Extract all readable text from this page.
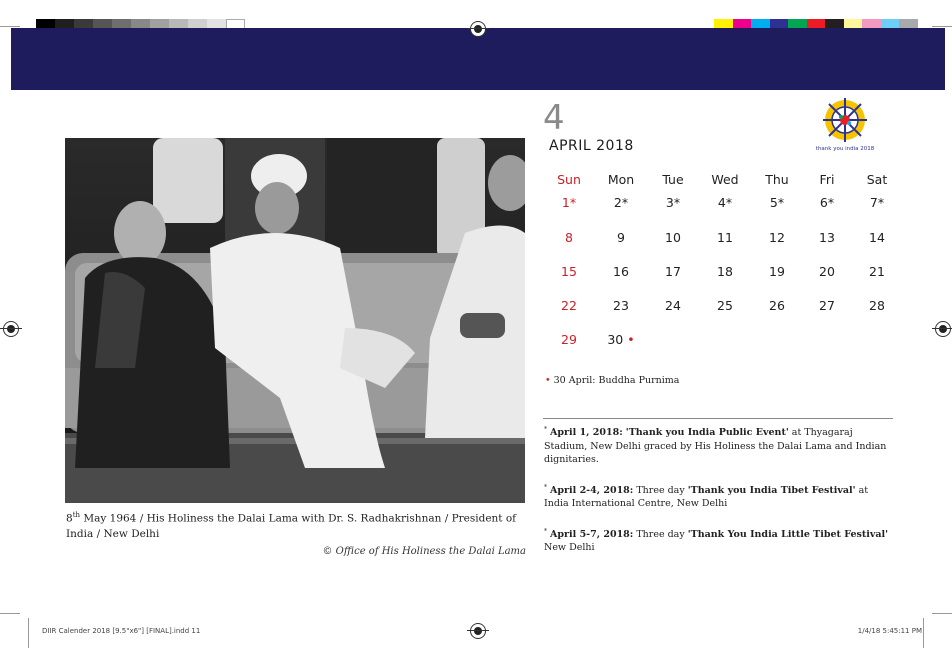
8th May 1964 / His Holiness the Dalai Lama with Dr. S. Radhakrishnan / President of India / New Delhi
© Office of His Holiness the Dalai Lama
4
APRIL 2018	thank you india 2018
Sun	Mon	Tue	Wed	Thu	Fri	Sat
1*	2*	3*	4*	5*	6*	7*
8	9	10	11	12	13	14
15	16	17	18	19	20	21
22	23	24	25	26	27	28
29	30 •
• 30 April: Buddha Purnima

* April 1, 2018: 'Thank you India Public Event' at Thyagaraj Stadium, New Delhi graced by His Holiness the Dalai Lama and Indian dignitaries.

* April 2-4, 2018: Three day 'Thank you India Tibet Festival' at India International Centre, New Delhi

* April 5-7, 2018: Three day 'Thank You India Little Tibet Festival' New Delhi

DIIR Calender 2018 [9.5"x6"] [FINAL].indd 11	1/4/18 5:45:11 PM
